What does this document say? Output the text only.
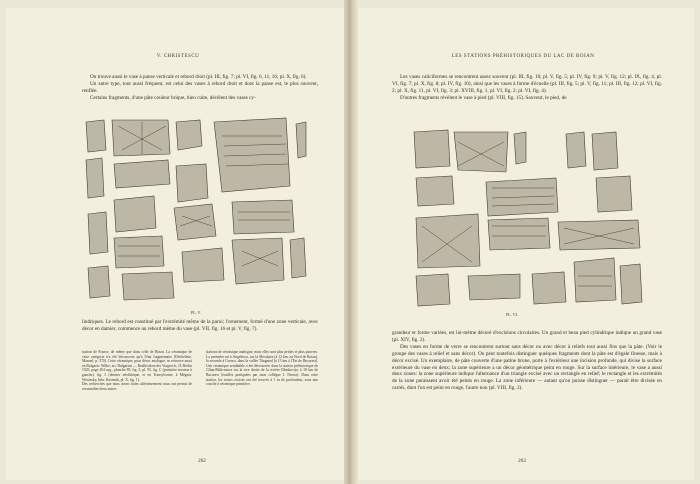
V. CHRISTESCU

On trouve aussi le vase à panse verticale et rebord droit (pl. III, fig. 7; pl. VI, fig. 6, 11, 16; pl. X, fig. 6).

Un autre type, tout aussi fréquent, est celui des vases à rebord droit et dont la panse est, le plus souvent, renflée.

Certains fragments, d'une pâte couleur brique, bien cuite, décèlent des vases cy-

PL. V.

lindriques. Le rebord est constitué par l'extrémité même de la paroi; l'ornement, formé d'une zone verticale, avec décor en damier, commence au rebord même du vase (pl. VII, fig. 16 et pl. V, fig. 7).

station de France, de même que dans celle de Boian. La céramique de cette catégorie n'a été découverte qu'à l'état fragmentaire (Déchelette, Manuel, p. 570). Cette céramique, pour décor analogue, se retrouve aussi en Bulgarie: Wilke, art. Bulgarien — Reallexikon der Vorgesch., II; Berlin 1925, page 204 sqq., planche 89, fig. 3; pl. 95, fig. C (première terrasse à gauche), fig. 5 (dernier néolithique, et en Transylvanie, à Mégara: Wosinsky, Inkr. Keramik, pl. X, fig. 1).

Des recherches que nous avons faites ultérieurement nous ont permis de reconnaître deux autres

stations de céramique analogue, mais elles sont plus petites et plus pauvres. La première est à Angelescu, sur la Mostiștea (à 12 km. au Nord de Boian), la seconde à Greaca, dans la vallée Tânganul (à 15 km à l'Est de Bucarest). Une céramique semblable a été découverte dans la station préhistorique de Glina-Bălăceanca sur la rive droite de la rivière Dâmbovița, à 10 km de Bucarest (fouilles pratiquées par mon collègue I. Nestor). Dans cette station, les troncs excisés ont été trouvés à 1 m de profondeur, sous une couche à céramique primitive.

262
LES STATIONS PRÉHISTORIQUES DU LAC DE BOIAN

Les vases caliciformes se rencontrent assez souvent (pl. III, fig. 10; pl. V, fig. 5; pl. IV, fig. 9; pl. V, fig. 12; pl. IX, fig. 4, pl. VI, fig. 7; pl. X, fig. 8; pl. IV, fig. 10), ainsi que les vases à forme d'écuelle (pl. III, fig. 5; pl. V, fig. 11; pl. III, fig. 12; pl. VI, fig. 2; pl. X, fig. 11, pl. VI, fig. 3; pl. XVIII, fig. 1, pl. VI, fig. 2; pl. VI, fig. 4).

D'autres fragments révèlent le vase à pied (pl. VIII, fig. 15). Souvent, le pied, de

PL. VI.

grandeur et forme variées, est lui-même décoré d'excisions circulaires. Un grand et beau pied cylindrique indique un grand vase (pl. XIV, fig. 2).

Des vases en forme de verre se rencontrent surtout sans décor ou avec décor à reliefs tout aussi fins que la pâte. (Voir le groupe des vases à relief et sans décor). On peut toutefois distinguer quelques fragments dont la pâte est d'égale finesse, mais à décor excisé. Un exemplaire, de pâte couverte d'une patine brune, porte à l'extérieur une incision profonde, qui divise la surface extérieure du vase en deux; la zone supérieure a un décor géométrique peint en rouge. Sur la surface intérieure, le vase a aussi deux zones: la zone supérieure indique l'alternance d'un triangle excisé avec un rectangle en relief; le rectangle et les extrémités de la zone paraissent avoir été peints en rouge. La zone inférieure — autant qu'on puisse distinguer — parait être divisée en carrés, dont l'un est peint en rouge, l'autre non (pl. VIII, fig. 2).

263
